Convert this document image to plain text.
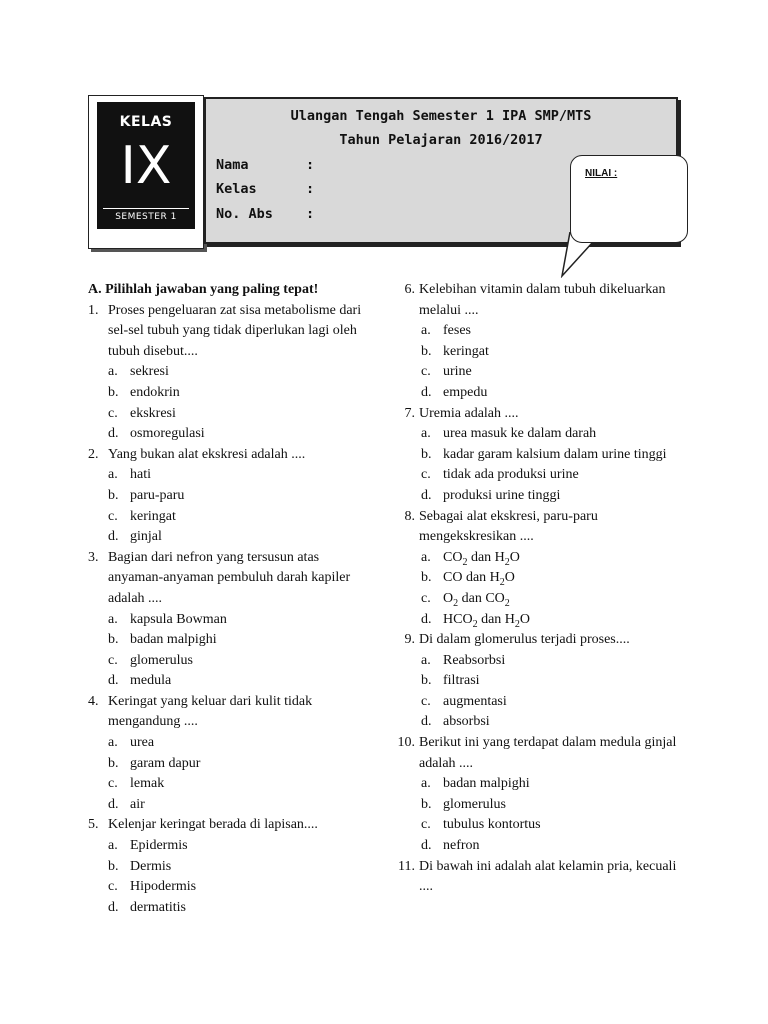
KELAS
IX
SEMESTER 1
Ulangan Tengah Semester 1 IPA SMP/MTS
Tahun Pelajaran 2016/2017
Nama	:
Kelas	:
No. Abs :
NILAI :
A. Pilihlah jawaban yang paling tepat!
1. Proses pengeluaran zat sisa metabolisme dari sel-sel tubuh yang tidak diperlukan lagi oleh tubuh disebut....
a. sekresi
b. endokrin
c. ekskresi
d. osmoregulasi
2. Yang bukan alat ekskresi adalah ....
a. hati
b. paru-paru
c. keringat
d. ginjal
3. Bagian dari nefron yang tersusun atas anyaman-anyaman pembuluh darah kapiler adalah ....
a. kapsula Bowman
b. badan malpighi
c. glomerulus
d. medula
4. Keringat yang keluar dari kulit tidak mengandung ....
a. urea
b. garam dapur
c. lemak
d. air
5. Kelenjar keringat berada di lapisan....
a. Epidermis
b. Dermis
c. Hipodermis
d. dermatitis
6. Kelebihan vitamin dalam tubuh dikeluarkan melalui ....
a. feses
b. keringat
c. urine
d. empedu
7. Uremia adalah ....
a. urea masuk ke dalam darah
b. kadar garam kalsium dalam urine tinggi
c. tidak ada produksi urine
d. produksi urine tinggi
8. Sebagai alat ekskresi, paru-paru mengekskresikan ....
a. $CO_2$ dan $H_2O$
b. CO dan $H_2O$
c. $O_2$ dan $CO_2$
d. $HCO_2$ dan $H_2O$
9. Di dalam glomerulus terjadi proses....
a. Reabsorbsi
b. filtrasi
c. augmentasi
d. absorbsi
10. Berikut ini yang terdapat dalam medula ginjal adalah ....
a. badan malpighi
b. glomerulus
c. tubulus kontortus
d. nefron
11. Di bawah ini adalah alat kelamin pria, kecuali ....
